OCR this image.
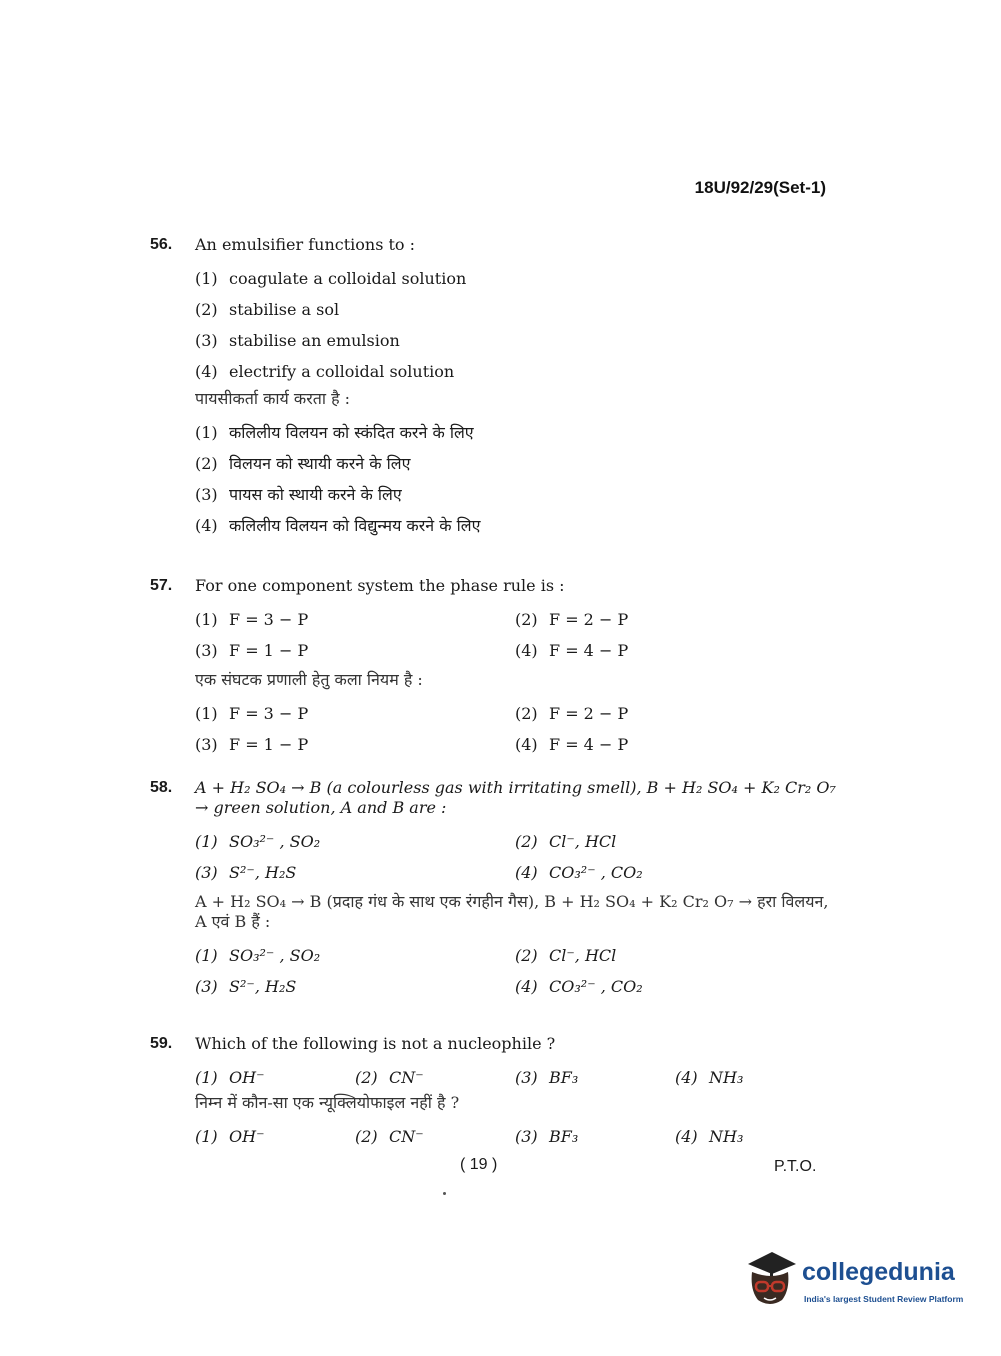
18U/92/29(Set-1)
56.	An emulsifier functions to :
(1) coagulate a colloidal solution
(2) stabilise a sol
(3) stabilise an emulsion
(4) electrify a colloidal solution
पायसीकर्ता कार्य करता है :
(1) कलिलीय विलयन को स्कंदित करने के लिए
(2) विलयन को स्थायी करने के लिए
(3) पायस को स्थायी करने के लिए
(4) कलिलीय विलयन को विद्युन्मय करने के लिए
57.	For one component system the phase rule is :
(1) F = 3 − P	(2) F = 2 − P
(3) F = 1 − P	(4) F = 4 − P
एक संघटक प्रणाली हेतु कला नियम है :
(1) F = 3 − P	(2) F = 2 − P
(3) F = 1 − P	(4) F = 4 − P
58.	A + H₂ SO₄ → B (a colourless gas with irritating smell), B + H₂ SO₄ + K₂ Cr₂ O₇ → green solution, A and B are :
(1) SO₃²⁻ , SO₂	(2) Cl⁻, HCl
(3) S²⁻, H₂S	(4) CO₃²⁻ , CO₂
A + H₂ SO₄ → B (प्रदाह गंध के साथ एक रंगहीन गैस), B + H₂ SO₄ + K₂ Cr₂ O₇ → हरा विलयन, A एवं B हैं :
(1) SO₃²⁻ , SO₂	(2) Cl⁻, HCl
(3) S²⁻, H₂S	(4) CO₃²⁻ , CO₂
59.	Which of the following is not a nucleophile ?
(1) OH⁻	(2) CN⁻	(3) BF₃	(4) NH₃
निम्न में कौन-सा एक न्यूक्लियोफाइल नहीं है ?
(1) OH⁻	(2) CN⁻	(3) BF₃	(4) NH₃
( 19 )	P.T.O.
collegedunia
India's largest Student Review Platform
